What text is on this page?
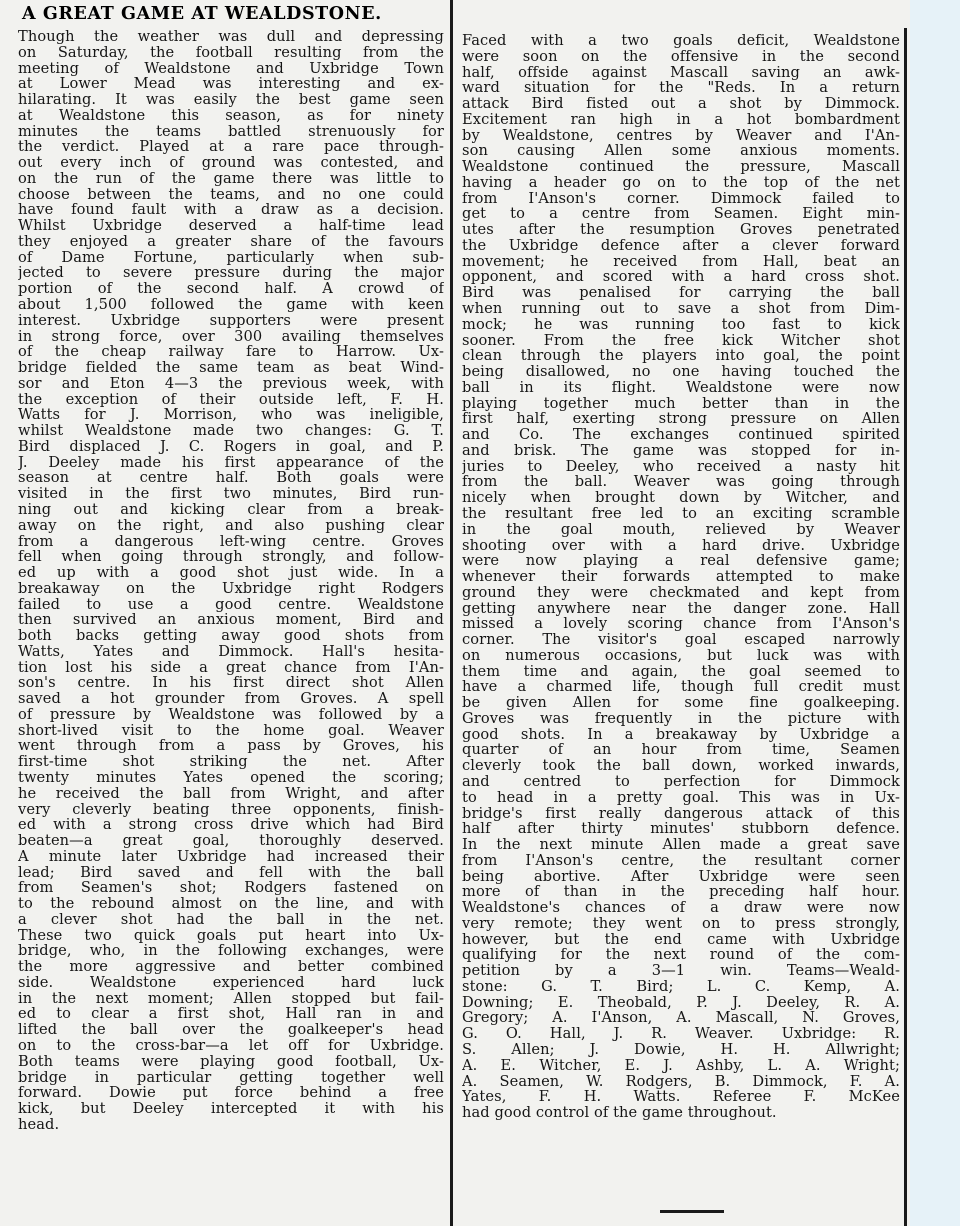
A GREAT GAME AT WEALDSTONE.
Though the weather was dull and depressing
on Saturday, the football resulting from the
meeting of Wealdstone and Uxbridge Town
at Lower Mead was interesting and ex-
hilarating. It was easily the best game seen
at Wealdstone this season, as for ninety
minutes the teams battled strenuously for
the verdict. Played at a rare pace through-
out every inch of ground was contested, and
on the run of the game there was little to
choose between the teams, and no one could
have found fault with a draw as a decision.
Whilst Uxbridge deserved a half-time lead
they enjoyed a greater share of the favours
of Dame Fortune, particularly when sub-
jected to severe pressure during the major
portion of the second half. A crowd of
about 1,500 followed the game with keen
interest. Uxbridge supporters were present
in strong force, over 300 availing themselves
of the cheap railway fare to Harrow. Ux-
bridge fielded the same team as beat Wind-
sor and Eton 4—3 the previous week, with
the exception of their outside left, F. H.
Watts for J. Morrison, who was ineligible,
whilst Wealdstone made two changes: G. T.
Bird displaced J. C. Rogers in goal, and P.
J. Deeley made his first appearance of the
season at centre half. Both goals were
visited in the first two minutes, Bird run-
ning out and kicking clear from a break-
away on the right, and also pushing clear
from a dangerous left-wing centre. Groves
fell when going through strongly, and follow-
ed up with a good shot just wide. In a
breakaway on the Uxbridge right Rodgers
failed to use a good centre. Wealdstone
then survived an anxious moment, Bird and
both backs getting away good shots from
Watts, Yates and Dimmock. Hall's hesita-
tion lost his side a great chance from I'An-
son's centre. In his first direct shot Allen
saved a hot grounder from Groves. A spell
of pressure by Wealdstone was followed by a
short-lived visit to the home goal. Weaver
went through from a pass by Groves, his
first-time shot striking the net. After
twenty minutes Yates opened the scoring;
he received the ball from Wright, and after
very cleverly beating three opponents, finish-
ed with a strong cross drive which had Bird
beaten—a great goal, thoroughly deserved.
A minute later Uxbridge had increased their
lead; Bird saved and fell with the ball
from Seamen's shot; Rodgers fastened on
to the rebound almost on the line, and with
a clever shot had the ball in the net.
These two quick goals put heart into Ux-
bridge, who, in the following exchanges, were
the more aggressive and better combined
side. Wealdstone experienced hard luck
in the next moment; Allen stopped but fail-
ed to clear a first shot, Hall ran in and
lifted the ball over the goalkeeper's head
on to the cross-bar—a let off for Uxbridge.
Both teams were playing good football, Ux-
bridge in particular getting together well
forward. Dowie put force behind a free
kick, but Deeley intercepted it with his
head.
Faced with a two goals deficit, Wealdstone
were soon on the offensive in the second
half, offside against Mascall saving an awk-
ward situation for the "Reds. In a return
attack Bird fisted out a shot by Dimmock.
Excitement ran high in a hot bombardment
by Wealdstone, centres by Weaver and I'An-
son causing Allen some anxious moments.
Wealdstone continued the pressure, Mascall
having a header go on to the top of the net
from I'Anson's corner. Dimmock failed to
get to a centre from Seamen. Eight min-
utes after the resumption Groves penetrated
the Uxbridge defence after a clever forward
movement; he received from Hall, beat an
opponent, and scored with a hard cross shot.
Bird was penalised for carrying the ball
when running out to save a shot from Dim-
mock; he was running too fast to kick
sooner. From the free kick Witcher shot
clean through the players into goal, the point
being disallowed, no one having touched the
ball in its flight. Wealdstone were now
playing together much better than in the
first half, exerting strong pressure on Allen
and Co. The exchanges continued spirited
and brisk. The game was stopped for in-
juries to Deeley, who received a nasty hit
from the ball. Weaver was going through
nicely when brought down by Witcher, and
the resultant free led to an exciting scramble
in the goal mouth, relieved by Weaver
shooting over with a hard drive. Uxbridge
were now playing a real defensive game;
whenever their forwards attempted to make
ground they were checkmated and kept from
getting anywhere near the danger zone. Hall
missed a lovely scoring chance from I'Anson's
corner. The visitor's goal escaped narrowly
on numerous occasions, but luck was with
them time and again, the goal seemed to
have a charmed life, though full credit must
be given Allen for some fine goalkeeping.
Groves was frequently in the picture with
good shots. In a breakaway by Uxbridge a
quarter of an hour from time, Seamen
cleverly took the ball down, worked inwards,
and centred to perfection for Dimmock
to head in a pretty goal. This was in Ux-
bridge's first really dangerous attack of this
half after thirty minutes' stubborn defence.
In the next minute Allen made a great save
from I'Anson's centre, the resultant corner
being abortive. After Uxbridge were seen
more of than in the preceding half hour.
Wealdstone's chances of a draw were now
very remote; they went on to press strongly,
however, but the end came with Uxbridge
qualifying for the next round of the com-
petition by a 3—1 win. Teams—Weald-
stone: G. T. Bird; L. C. Kemp, A.
Downing; E. Theobald, P. J. Deeley, R. A.
Gregory; A. I'Anson, A. Mascall, N. Groves,
G. O. Hall, J. R. Weaver. Uxbridge: R.
S. Allen; J. Dowie, H. H. Allwright;
A. E. Witcher, E. J. Ashby, L. A. Wright;
A. Seamen, W. Rodgers, B. Dimmock, F. A.
Yates, F. H. Watts. Referee F. McKee
had good control of the game throughout.
